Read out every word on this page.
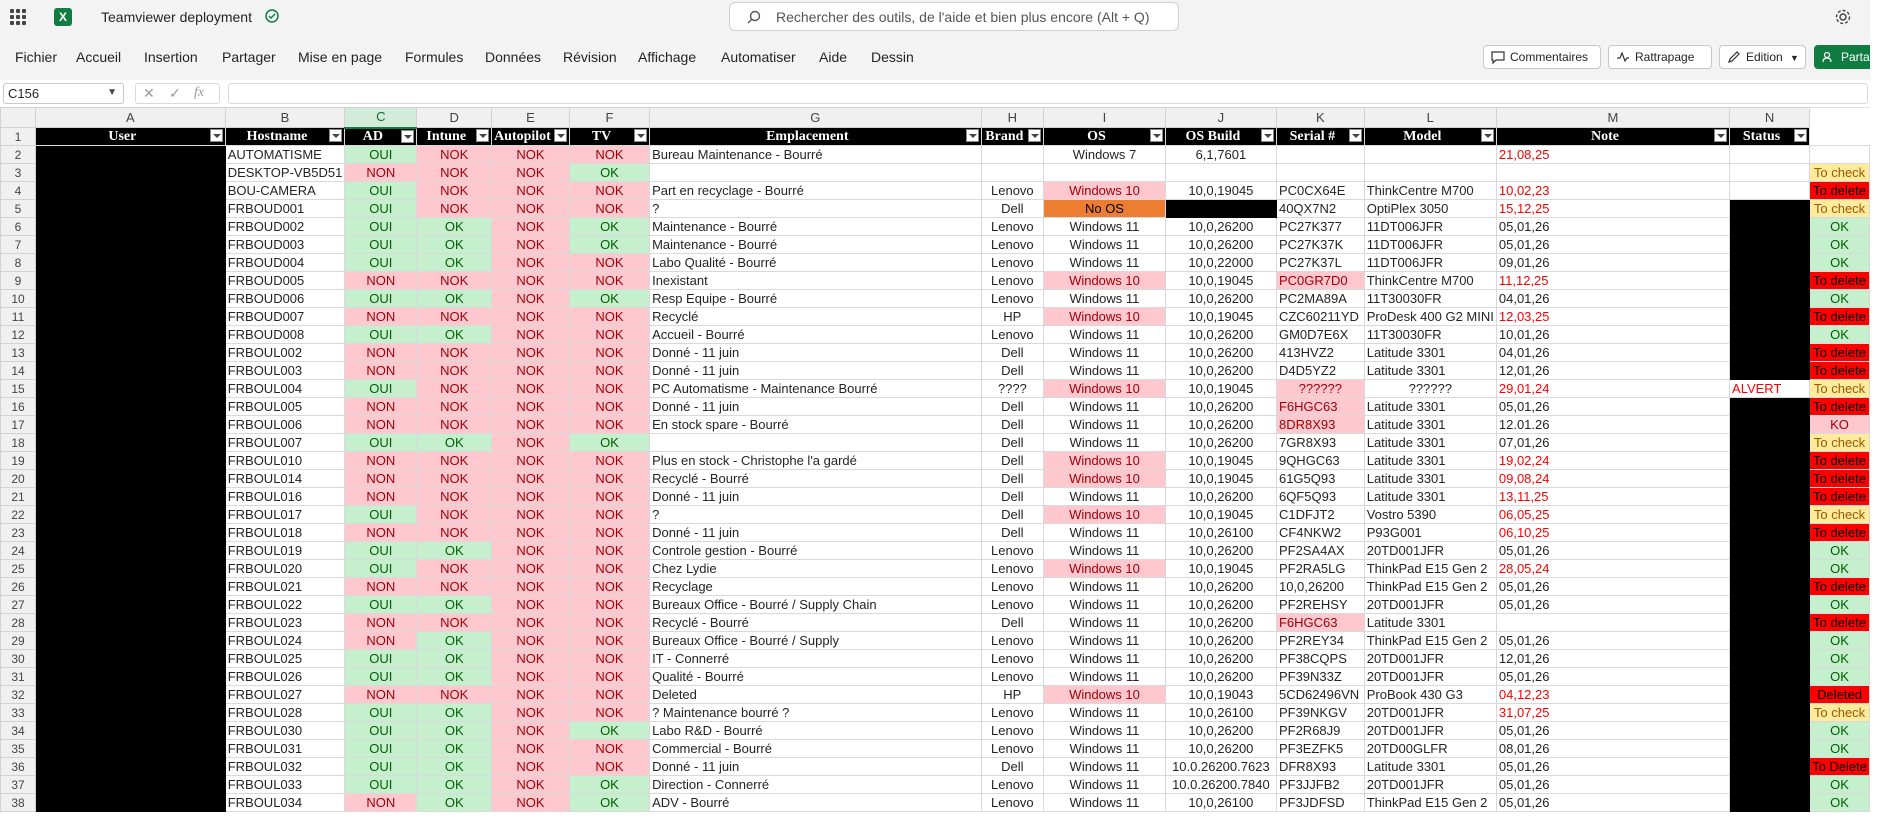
X	Teamviewer deployment	Rechercher des outils, de l'aide et bien plus encore (Alt + Q)
Fichier Accueil Insertion Partager Mise en page Formules Données Révision Affichage Automatiser Aide Dessin	Commentaires	Rattrapage	Edition ▼	Partager
C156	▼ ✕ ✓ fx
	A	B	C	D	E	F	G	H	I	J	K	L	M	N	
1	User	Hostname	AD	Intune	Autopilot	TV	Emplacement	Brand	OS	OS Build	Serial #	Model	Note	Status	

2		AUTOMATISME	OUI	NOK	NOK	NOK	Bureau Maintenance - Bourré		Windows 7	6,1,7601			21,08,25		
3		DESKTOP-VB5D51	NON	NOK	NOK	OK									To check
4		BOU-CAMERA	OUI	NOK	NOK	NOK	Part en recyclage - Bourré	Lenovo	Windows 10	10,0,19045	PC0CX64E	ThinkCentre M700	10,02,23		To delete
5		FRBOUD001	OUI	NOK	NOK	NOK	?	Dell	No OS		40QX7N2	OptiPlex 3050	15,12,25		To check
6		FRBOUD002	OUI	OK	NOK	OK	Maintenance - Bourré	Lenovo	Windows 11	10,0,26200	PC27K377	11DT006JFR	05,01,26		OK
7		FRBOUD003	OUI	OK	NOK	OK	Maintenance - Bourré	Lenovo	Windows 11	10,0,26200	PC27K37K	11DT006JFR	05,01,26		OK
8		FRBOUD004	OUI	OK	NOK	NOK	Labo Qualité - Bourré	Lenovo	Windows 11	10,0,22000	PC27K37L	11DT006JFR	09,01,26		OK
9		FRBOUD005	NON	NOK	NOK	NOK	Inexistant	Lenovo	Windows 10	10,0,19045	PC0GR7D0	ThinkCentre M700	11,12,25		To delete
10		FRBOUD006	OUI	OK	NOK	OK	Resp Equipe - Bourré	Lenovo	Windows 11	10,0,26200	PC2MA89A	11T30030FR	04,01,26		OK
11		FRBOUD007	NON	NOK	NOK	NOK	Recyclé	HP	Windows 10	10,0,19045	CZC60211YD	ProDesk 400 G2 MINI	12,03,25		To delete
12		FRBOUD008	OUI	OK	NOK	NOK	Accueil - Bourré	Lenovo	Windows 11	10,0,26200	GM0D7E6X	11T30030FR	10,01,26		OK
13		FRBOUL002	NON	NOK	NOK	NOK	Donné - 11 juin	Dell	Windows 11	10,0,26200	413HVZ2	Latitude 3301	04,01,26		To delete
14		FRBOUL003	NON	NOK	NOK	NOK	Donné - 11 juin	Dell	Windows 11	10,0,26200	D4D5YZ2	Latitude 3301	12,01,26		To delete
15		FRBOUL004	OUI	NOK	NOK	NOK	PC Automatisme - Maintenance Bourré	????	Windows 10	10,0,19045	??????	??????	29,01,24	ALVERT	To check
16		FRBOUL005	NON	NOK	NOK	NOK	Donné - 11 juin	Dell	Windows 11	10,0,26200	F6HGC63	Latitude 3301	05,01,26		To delete
17		FRBOUL006	NON	NOK	NOK	NOK	En stock spare - Bourré	Dell	Windows 11	10,0,26200	8DR8X93	Latitude 3301	12.01.26		KO
18		FRBOUL007	OUI	OK	NOK	OK		Dell	Windows 11	10,0,26200	7GR8X93	Latitude 3301	07,01,26		To check
19		FRBOUL010	NON	NOK	NOK	NOK	Plus en stock - Christophe l'a gardé	Dell	Windows 10	10,0,19045	9QHGC63	Latitude 3301	19,02,24		To delete
20		FRBOUL014	NON	NOK	NOK	NOK	Recyclé - Bourré	Dell	Windows 10	10,0,19045	61G5Q93	Latitude 3301	09,08,24		To delete
21		FRBOUL016	NON	NOK	NOK	NOK	Donné - 11 juin	Dell	Windows 11	10,0,26200	6QF5Q93	Latitude 3301	13,11,25		To delete
22		FRBOUL017	OUI	NOK	NOK	NOK	?	Dell	Windows 10	10,0,19045	C1DFJT2	Vostro 5390	06,05,25		To check
23		FRBOUL018	NON	NOK	NOK	NOK	Donné - 11 juin	Dell	Windows 11	10,0,26100	CF4NKW2	P93G001	06,10,25		To delete
24		FRBOUL019	OUI	OK	NOK	NOK	Controle gestion - Bourré	Lenovo	Windows 11	10,0,26200	PF2SA4AX	20TD001JFR	05,01,26		OK
25		FRBOUL020	OUI	NOK	NOK	NOK	Chez Lydie	Lenovo	Windows 10	10,0,19045	PF2RA5LG	ThinkPad E15 Gen 2	28,05,24		OK
26		FRBOUL021	NON	NOK	NOK	NOK	Recyclage	Lenovo	Windows 11	10,0,26200	10,0,26200	ThinkPad E15 Gen 2	05,01,26		To delete
27		FRBOUL022	OUI	OK	NOK	NOK	Bureaux Office - Bourré / Supply Chain	Lenovo	Windows 11	10,0,26200	PF2REHSY	20TD001JFR	05,01,26		OK
28		FRBOUL023	NON	NOK	NOK	NOK	Recyclé - Bourré	Dell	Windows 11	10,0,26200	F6HGC63	Latitude 3301			To delete
29		FRBOUL024	NON	OK	NOK	NOK	Bureaux Office - Bourré / Supply	Lenovo	Windows 11	10,0,26200	PF2REY34	ThinkPad E15 Gen 2	05,01,26		OK
30		FRBOUL025	OUI	OK	NOK	NOK	IT - Connerré	Lenovo	Windows 11	10,0,26200	PF38CQPS	20TD001JFR	12,01,26		OK
31		FRBOUL026	OUI	OK	NOK	NOK	Qualité - Bourré	Lenovo	Windows 11	10,0,26200	PF39N33Z	20TD001JFR	05,01,26		OK
32		FRBOUL027	NON	NOK	NOK	NOK	Deleted	HP	Windows 10	10,0,19043	5CD62496VN	ProBook 430 G3	04,12,23		Deleted
33		FRBOUL028	OUI	OK	NOK	NOK	? Maintenance bourré ?	Lenovo	Windows 11	10,0,26100	PF39NKGV	20TD001JFR	31,07,25		To check
34		FRBOUL030	OUI	OK	NOK	OK	Labo R&D - Bourré	Lenovo	Windows 11	10,0,26200	PF2R68J9	20TD001JFR	05,01,26		OK
35		FRBOUL031	OUI	OK	NOK	NOK	Commercial - Bourré	Lenovo	Windows 11	10,0,26200	PF3EZFK5	20TD00GLFR	08,01,26		OK
36		FRBOUL032	OUI	OK	NOK	NOK	Donné - 11 juin	Dell	Windows 11	10.0.26200.7623	DFR8X93	Latitude 3301	05,01,26		To Delete
37		FRBOUL033	OUI	OK	NOK	OK	Direction - Connerré	Lenovo	Windows 11	10.0.26200.7840	PF3JJFB2	20TD001JFR	05,01,26		OK
38		FRBOUL034	NON	OK	NOK	OK	ADV - Bourré	Lenovo	Windows 11	10,0,26100	PF3JDFSD	ThinkPad E15 Gen 2	05,01,26		OK
